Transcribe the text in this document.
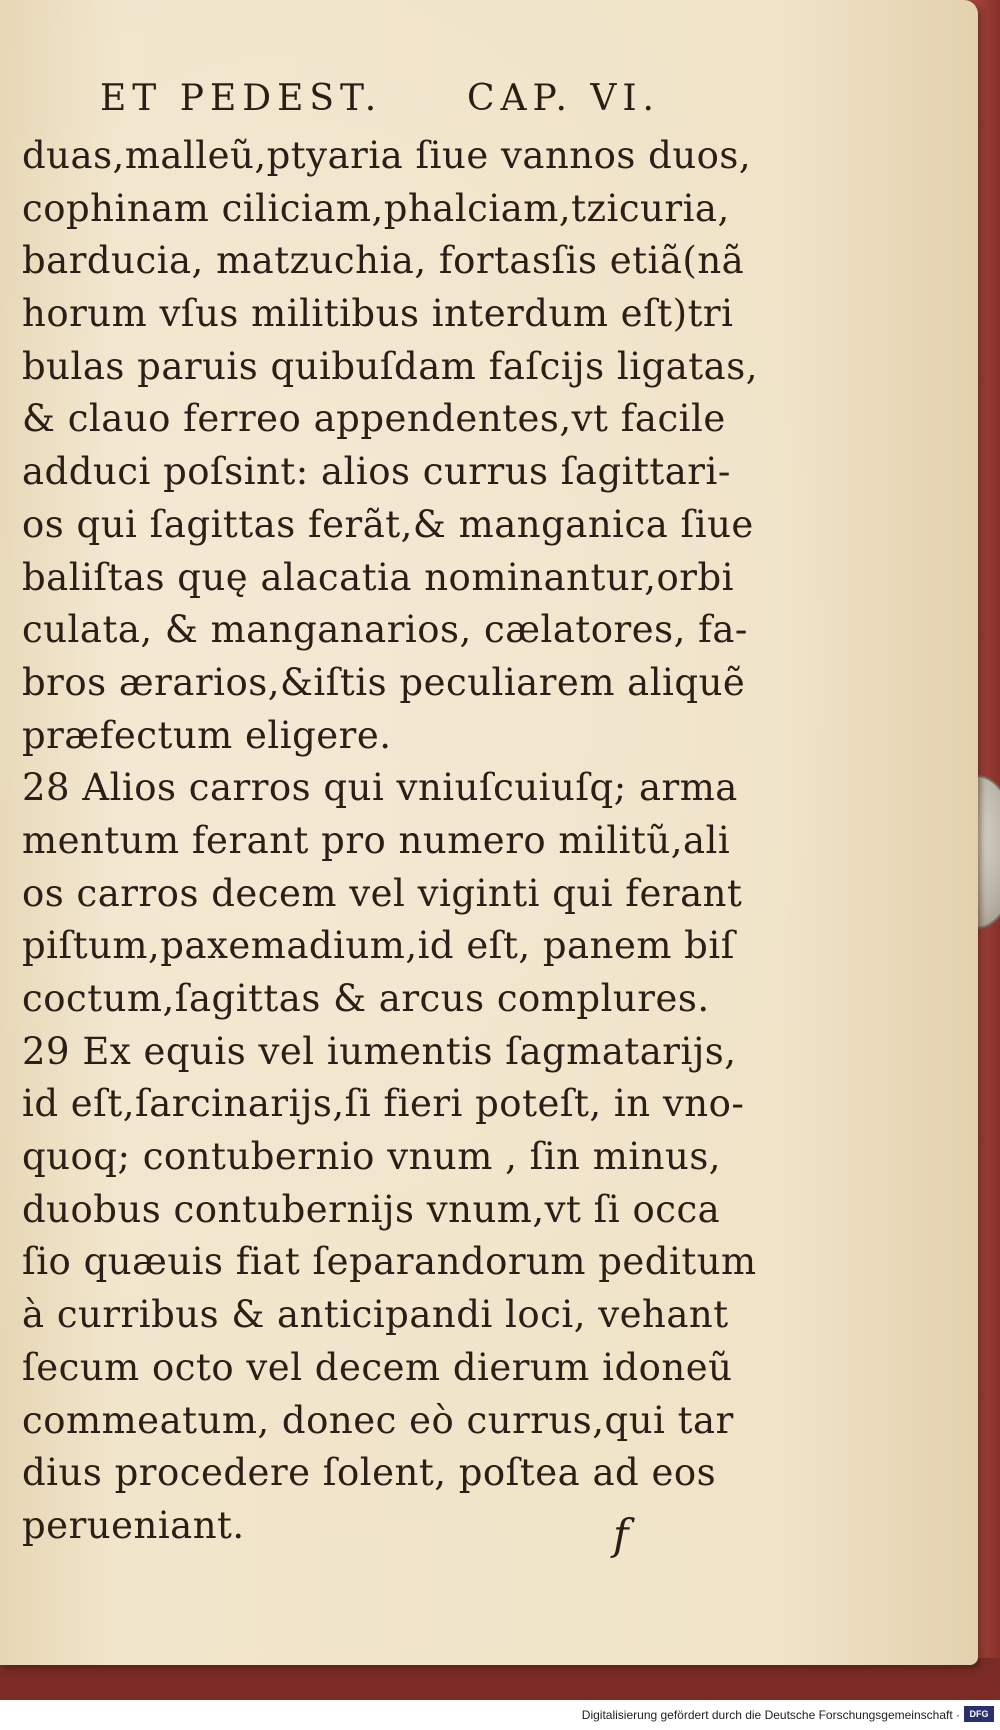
ET PEDEST. CAP. VI.
duas,malleũ,ptyaria ſiue vannos duos,
cophinam ciliciam,phalciam,tzicuria,
barducia, matzuchia, fortasſis etiã(nã
horum vſus militibus interdum eſt)tri
bulas paruis quibuſdam faſcijs ligatas,
& clauo ferreo appendentes,vt facile
adduci poſsint: alios currus ſagittari-
os qui ſagittas ferãt,& manganica ſiue
baliſtas quę alacatia nominantur,orbi
culata, & manganarios, cælatores, fa-
bros ærarios,&iſtis peculiarem aliquẽ
præfectum eligere.
28 Alios carros qui vniuſcuiuſq; arma
mentum ferant pro numero militũ,ali
os carros decem vel viginti qui ferant
piſtum,paxemadium,id eſt, panem biſ
coctum,ſagittas & arcus complures.
29 Ex equis vel iumentis ſagmatarijs,
id eſt,ſarcinarijs,ſi fieri poteſt, in vno-
quoq; contubernio vnum , ſin minus,
duobus contubernijs vnum,vt ſi occa
ſio quæuis fiat ſeparandorum peditum
à curribus & anticipandi loci, vehant
ſecum octo vel decem dierum idoneũ
commeatum, donec eò currus,qui tar
dius procedere ſolent, poſtea ad eos
perueniant.	f
Digitalisierung gefördert durch die Deutsche Forschungsgemeinschaft ·	DFG
